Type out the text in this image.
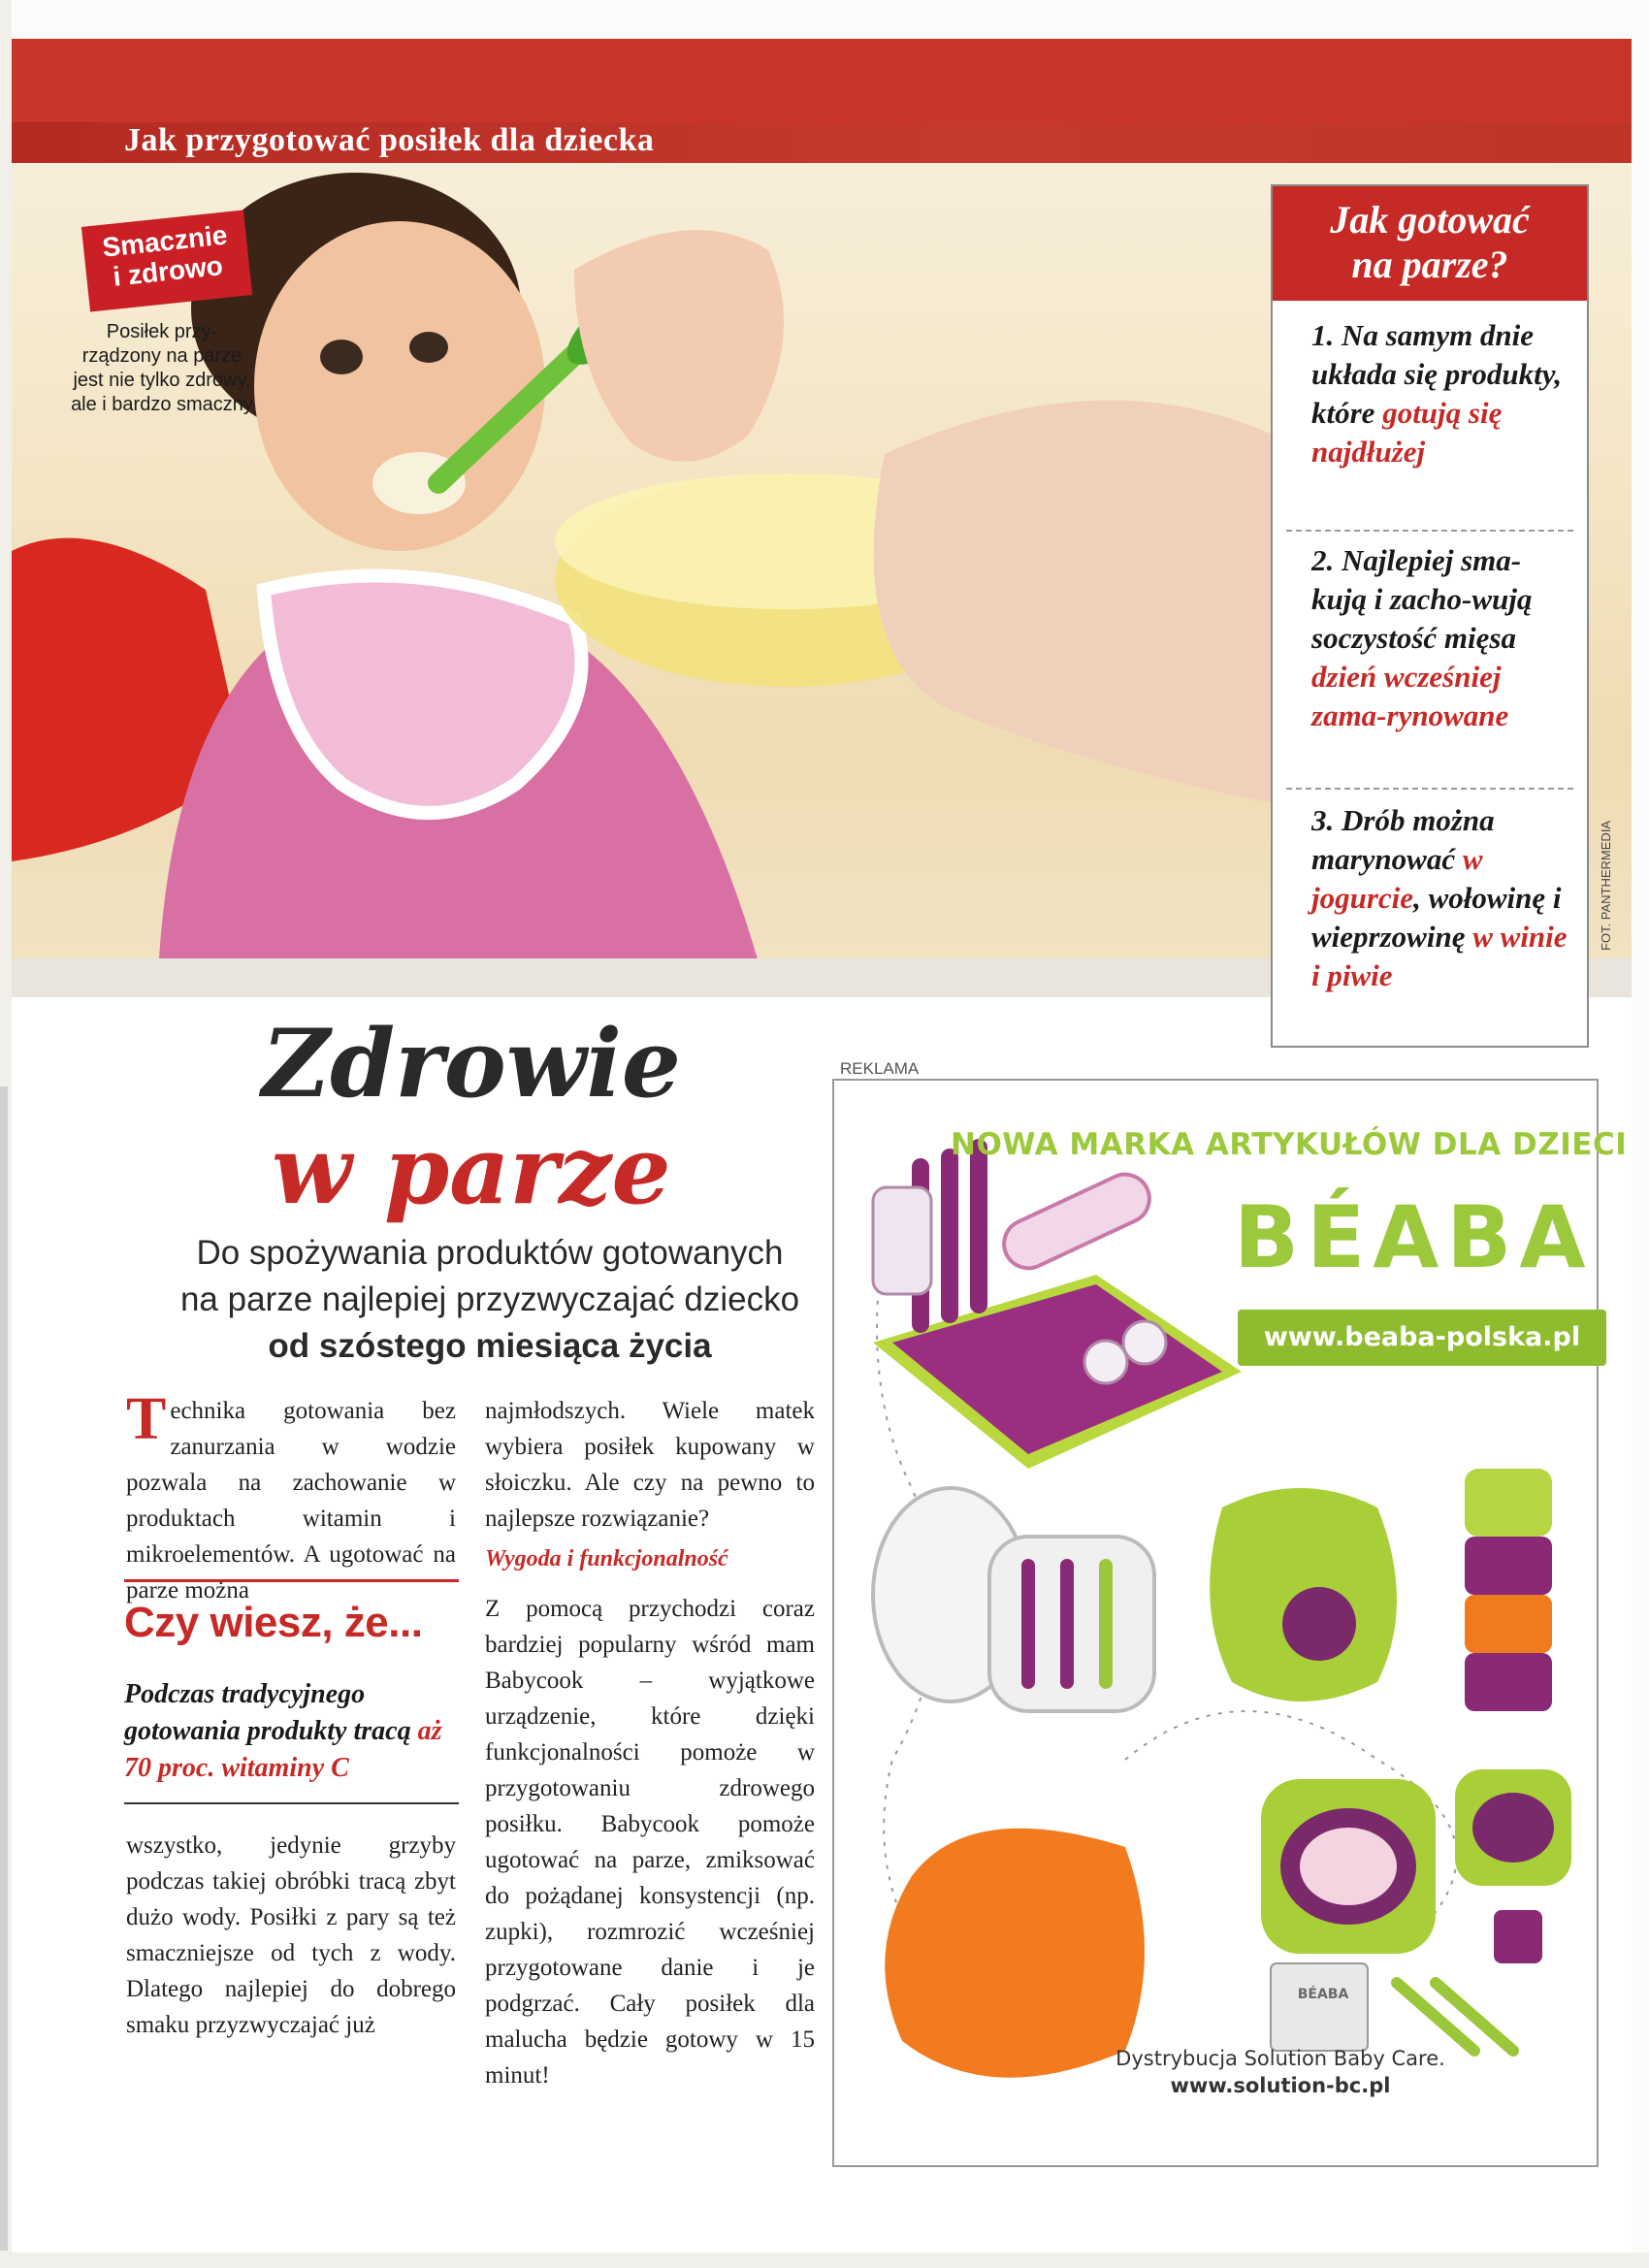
Jak przygotować posiłek dla dziecka
Smacznie
i zdrowo
Posiłek przy-rządzony na parze jest nie tylko zdrowy, ale i bardzo smaczny
Jak gotować
na parze?
1. Na samym dnie układa się produkty, które gotują się najdłużej
2. Najlepiej sma-kują i zacho-wują soczystość mięsa dzień wcześniej zama-rynowane
3. Drób można marynować w jogurcie, wołowinę i wieprzowinę w winie i piwie
FOT. PANTHERMEDIA
Zdrowie
w parze
Do spożywania produktów gotowanych
na parze najlepiej przyzwyczajać dziecko
od szóstego miesiąca życia
Technika gotowania bez zanurzania w wodzie pozwala na zachowanie w produktach witamin i mikroelementów. A ugotować na parze można
Czy wiesz, że...
Podczas tradycyjnego gotowania produkty tracą aż 70 proc. witaminy C
wszystko, jedynie grzyby podczas takiej obróbki tracą zbyt dużo wody. Posiłki z pary są też smaczniejsze od tych z wody. Dlatego najlepiej do dobrego smaku przyzwyczajać już
najmłodszych. Wiele matek wybiera posiłek kupowany w słoiczku. Ale czy na pewno to najlepsze rozwiązanie?
Wygoda i funkcjonalność
Z pomocą przychodzi coraz bardziej popularny wśród mam Babycook – wyjątkowe urządzenie, które dzięki funkcjonalności pomoże w przygotowaniu zdrowego posiłku. Babycook pomoże ugotować na parze, zmiksować do pożądanej konsystencji (np. zupki), rozmrozić wcześniej przygotowane danie i je podgrzać. Cały posiłek dla malucha będzie gotowy w 15 minut!
REKLAMA
BÉABA
NOWA MARKA ARTYKUŁÓW DLA DZIECI
BÉABA
www.beaba-polska.pl
Dystrybucja Solution Baby Care.
www.solution-bc.pl
